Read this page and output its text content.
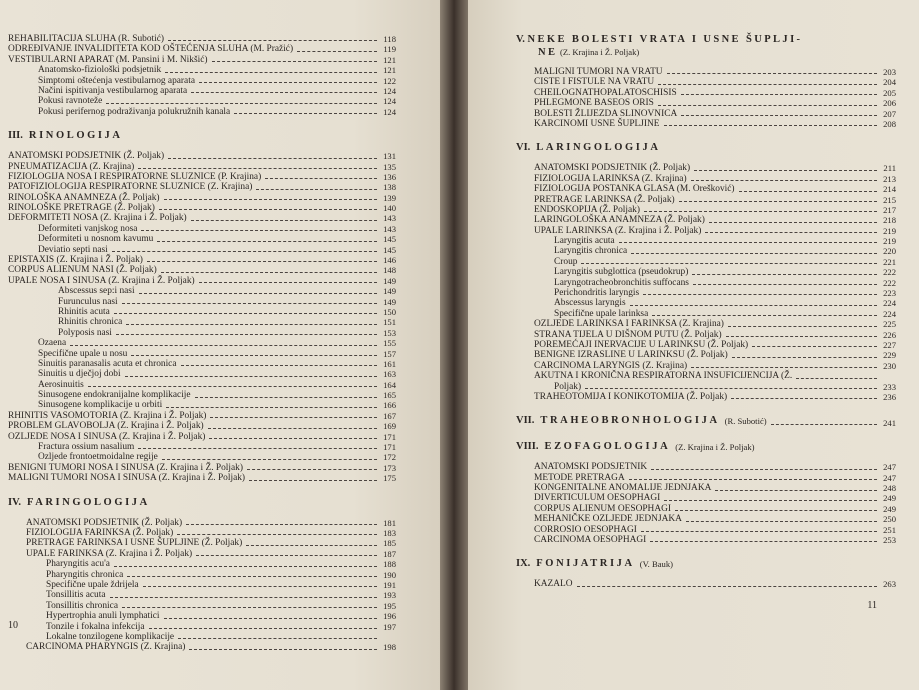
REHABILITACIJA SLUHA (R. Subotić)	118
ODREĐIVANJE INVALIDITETA KOD OŠTEĆENJA SLUHA (M. Pražić)	119
VESTIBULARNI APARAT (M. Pansini i M. Nikšić)	121
Anatomsko-fiziološki podsjetnik	121
Simptomi oštećenja vestibularnog aparata	122
Načini ispitivanja vestibularnog aparata	124
Pokusi ravnoteže	124
Pokusi perifernog podraživanja polukružnih kanala	124
III. RINOLOGIJA
ANATOMSKI PODSJETNIK (Ž. Poljak)	131
PNEUMATIZACIJA (Z. Krajina)	135
FIZIOLOGIJA NOSA I RESPIRATORNE SLUZNICE (P. Krajina)	136
PATOFIZIOLOGIJA RESPIRATORNE SLUZNICE (Z. Krajina)	138
RINOLOŠKA ANAMNEZA (Ž. Poljak)	139
RINOLOŠKE PRETRAGE (Ž. Poljak)	140
DEFORMITETI NOSA (Z. Krajina i Ž. Poljak)	143
Deformiteti vanjskog nosa	143
Deformiteti u nosnom kavumu	145
Deviatio septi nasi	145
EPISTAXIS (Z. Krajina i Ž. Poljak)	146
CORPUS ALIENUM NASI (Ž. Poljak)	148
UPALE NOSA I SINUSA (Z. Krajina i Ž. Poljak)	149
Abscessus sep:i nasi	149
Furunculus nasi	149
Rhinitis acuta	150
Rhinitis chronica	151
Polyposis nasi	153
Ozaena	155
Specifične upale u nosu	157
Sinuitis paranasalis acuta et chronica	161
Sinuitis u dječjoj dobi	163
Aerosinuitis	164
Sinusogene endokranijalne komplikacije	165
Sinusogene komplikacije u orbiti	166
RHINITIS VASOMOTORIA (Z. Krajina i Ž. Poljak)	167
PROBLEM GLAVOBOLJA (Z. Krajina i Ž. Poljak)	169
OZLJEDE NOSA I SINUSA (Z. Krajina i Ž. Poljak)	171
Fractura ossium nasalium	171
Ozljede frontoetmoidalne regije	172
BENIGNI TUMORI NOSA I SINUSA (Z. Krajina i Ž. Poljak)	173
MALIGNI TUMORI NOSA I SINUSA (Z. Krajina i Ž. Poljak)	175
IV. FARINGOLOGIJA
ANATOMSKI PODSJETNIK (Ž. Poljak)	181
FIZIOLOGIJA FARINKSA (Ž. Poljak)	183
PRETRAGE FARINKSA I USNE ŠUPLJINE (Ž. Poljak)	185
UPALE FARINKSA (Z. Krajina i Ž. Poljak)	187
Pharyngitis acu'a	188
Pharyngitis chronica	190
Specifične upale ždrijela	191
Tonsillitis acuta	193
Tonsillitis chronica	195
Hypertrophia anuli lymphatici	196
Tonzile i fokalna infekcija	197
Lokalne tonzilogene komplikacije
CARCINOMA PHARYNGIS (Z. Krajina)	198
10
V. NEKE BOLESTI VRATA I USNE ŠUPLJI-
NE (Z. Krajina i Ž. Poljak)
MALIGNI TUMORI NA VRATU	203
CISTE I FISTULE NA VRATU	204
CHEILOGNATHOPALATOSCHISIS	205
PHLEGMONE BASEOS ORIS	206
BOLESTI ŽLIJEZDA SLINOVNICA	207
KARCINOMI USNE ŠUPLJINE	208
VI. LARINGOLOGIJA
ANATOMSKI PODSJETNIK (Ž. Poljak)	211
FIZIOLOGIJA LARINKSA (Z. Krajina)	213
FIZIOLOGIJA POSTANKA GLASA (M. Orešković)	214
PRETRAGE LARINKSA (Ž. Poljak)	215
ENDOSKOPIJA (Ž. Poljak)	217
LARINGOLOŠKA ANAMNEZA (Ž. Poljak)	218
UPALE LARINKSA (Z. Krajina i Ž. Poljak)	219
Laryngitis acuta	219
Laryngitis chronica	220
Croup	221
Laryngitis subglottica (pseudokrup)	222
Laryngotracheobronchitis suffocans	222
Perichondritis laryngis	223
Abscessus laryngis	224
Specifične upale larinksa	224
OZLJEDE LARINKSA I FARINKSA (Z. Krajina)	225
STRANA TIJELA U DIŠNOM PUTU (Ž. Poljak)	226
POREMEĆAJI INERVACIJE U LARINKSU (Ž. Poljak)	227
BENIGNE IZRASLINE U LARINKSU (Ž. Poljak)	229
CARCINOMA LARYNGIS (Z. Krajina)	230
AKUTNA I KRONIČNA RESPIRATORNA INSUFICIJENCIJA (Ž.
Poljak)	233
TRAHEOTOMIJA I KONIKOTOMIJA (Ž. Poljak)	236
VII. TRAHEOBRONHOLOGIJA (R. Subotić)	241
VIII. EZOFAGOLOGIJA (Z. Krajina i Ž. Poljak)
ANATOMSKI PODSJETNIK	247
METODE PRETRAGA	247
KONGENITALNE ANOMALIJE JEDNJAKA	248
DIVERTICULUM OESOPHAGI	249
CORPUS ALIENUM OESOPHAGI	249
MEHANIČKE OZLJEDE JEDNJAKA	250
CORROSIO OESOPHAGI	251
CARCINOMA OESOPHAGI	253
IX. FONIJATRIJA (V. Bauk)
KAZALO	263
11
